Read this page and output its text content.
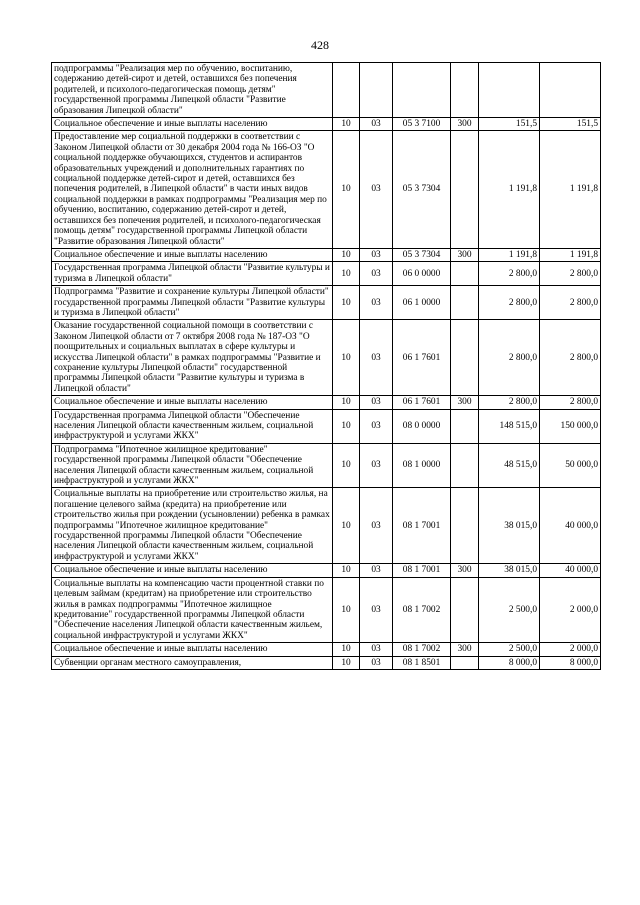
428
подпрограммы "Реализация мер по обучению, воспитанию, содержанию детей-сирот и детей, оставшихся без попечения родителей, и психолого-педагогическая помощь детям" государственной программы Липецкой области "Развитие образования Липецкой области"						
Социальное обеспечение и иные выплаты населению	10	03	05 3 7100	300	151,5	151,5
Предоставление мер социальной поддержки в соответствии с Законом Липецкой области от 30 декабря 2004 года № 166-ОЗ "О социальной поддержке обучающихся, студентов и аспирантов образовательных учреждений и дополнительных гарантиях по социальной поддержке детей-сирот и детей, оставшихся без попечения родителей, в Липецкой области" в части иных видов социальной поддержки в рамках подпрограммы "Реализация мер по обучению, воспитанию, содержанию детей-сирот и детей, оставшихся без попечения родителей, и психолого-педагогическая помощь детям" государственной программы Липецкой области "Развитие образования Липецкой области"	10	03	05 3 7304		1 191,8	1 191,8
Социальное обеспечение и иные выплаты населению	10	03	05 3 7304	300	1 191,8	1 191,8
Государственная программа Липецкой области "Развитие культуры и туризма в Липецкой области"	10	03	06 0 0000		2 800,0	2 800,0
Подпрограмма "Развитие и сохранение культуры Липецкой области" государственной программы Липецкой области "Развитие культуры и туризма в Липецкой области"	10	03	06 1 0000		2 800,0	2 800,0
Оказание государственной социальной помощи в соответствии с Законом Липецкой области от 7 октября 2008 года № 187-ОЗ "О поощрительных и социальных выплатах в сфере культуры и искусства Липецкой области" в рамках подпрограммы "Развитие и сохранение культуры Липецкой области" государственной программы Липецкой области "Развитие культуры и туризма в Липецкой области"	10	03	06 1 7601		2 800,0	2 800,0
Социальное обеспечение и иные выплаты населению	10	03	06 1 7601	300	2 800,0	2 800,0
Государственная программа Липецкой области "Обеспечение населения Липецкой области качественным жильем, социальной инфраструктурой и услугами ЖКХ"	10	03	08 0 0000		148 515,0	150 000,0
Подпрограмма "Ипотечное жилищное кредитование" государственной программы Липецкой области "Обеспечение населения Липецкой области качественным жильем, социальной инфраструктурой и услугами ЖКХ"	10	03	08 1 0000		48 515,0	50 000,0
Социальные выплаты на приобретение или строительство жилья, на погашение целевого займа (кредита) на приобретение или строительство жилья при рождении (усыновлении) ребенка в рамках подпрограммы "Ипотечное жилищное кредитование" государственной программы Липецкой области "Обеспечение населения Липецкой области качественным жильем, социальной инфраструктурой и услугами ЖКХ"	10	03	08 1 7001		38 015,0	40 000,0
Социальное обеспечение и иные выплаты населению	10	03	08 1 7001	300	38 015,0	40 000,0
Социальные выплаты на компенсацию части процентной ставки по целевым займам (кредитам) на приобретение или строительство жилья в рамках подпрограммы "Ипотечное жилищное кредитование" государственной программы Липецкой области "Обеспечение населения Липецкой области качественным жильем, социальной инфраструктурой и услугами ЖКХ"	10	03	08 1 7002		2 500,0	2 000,0
Социальное обеспечение и иные выплаты населению	10	03	08 1 7002	300	2 500,0	2 000,0
Субвенции органам местного самоуправления,	10	03	08 1 8501		8 000,0	8 000,0
